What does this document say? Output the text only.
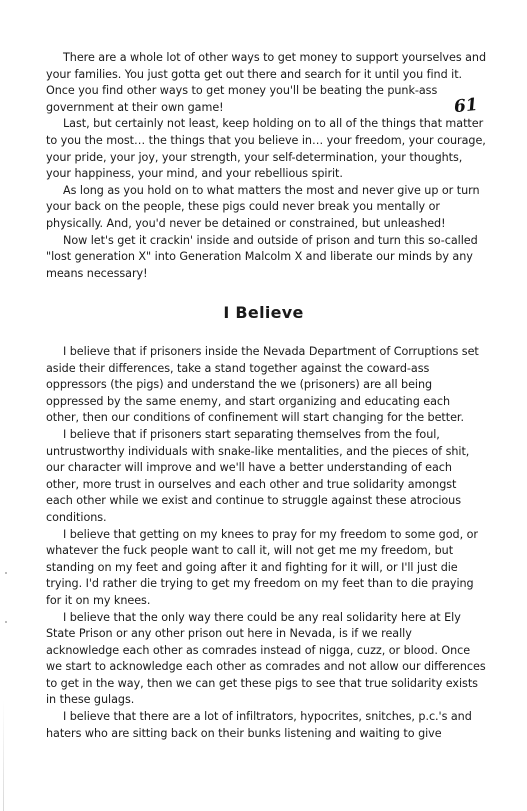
61

There are a whole lot of other ways to get money to support yourselves and your families. You just gotta get out there and search for it until you find it. Once you find other ways to get money you'll be beating the punk-ass government at their own game!

Last, but certainly not least, keep holding on to all of the things that matter to you the most… the things that you believe in… your freedom, your courage, your pride, your joy, your strength, your self-determination, your thoughts, your happiness, your mind, and your rebellious spirit.

As long as you hold on to what matters the most and never give up or turn your back on the people, these pigs could never break you mentally or physically. And, you'd never be detained or constrained, but unleashed!

Now let's get it crackin' inside and outside of prison and turn this so-called "lost generation X" into Generation Malcolm X and liberate our minds by any means necessary!

I Believe

I believe that if prisoners inside the Nevada Department of Corruptions set aside their differences, take a stand together against the coward-ass oppressors (the pigs) and understand the we (prisoners) are all being oppressed by the same enemy, and start organizing and educating each other, then our conditions of confinement will start changing for the better.

I believe that if prisoners start separating themselves from the foul, untrustworthy individuals with snake-like mentalities, and the pieces of shit, our character will improve and we'll have a better understanding of each other, more trust in ourselves and each other and true solidarity amongst each other while we exist and continue to struggle against these atrocious conditions.

I believe that getting on my knees to pray for my freedom to some god, or whatever the fuck people want to call it, will not get me my freedom, but standing on my feet and going after it and fighting for it will, or I'll just die trying. I'd rather die trying to get my freedom on my feet than to die praying for it on my knees.

I believe that the only way there could be any real solidarity here at Ely State Prison or any other prison out here in Nevada, is if we really acknowledge each other as comrades instead of nigga, cuzz, or blood. Once we start to acknowledge each other as comrades and not allow our differences to get in the way, then we can get these pigs to see that true solidarity exists in these gulags.

I believe that there are a lot of infiltrators, hypocrites, snitches, p.c.'s and haters who are sitting back on their bunks listening and waiting to give
